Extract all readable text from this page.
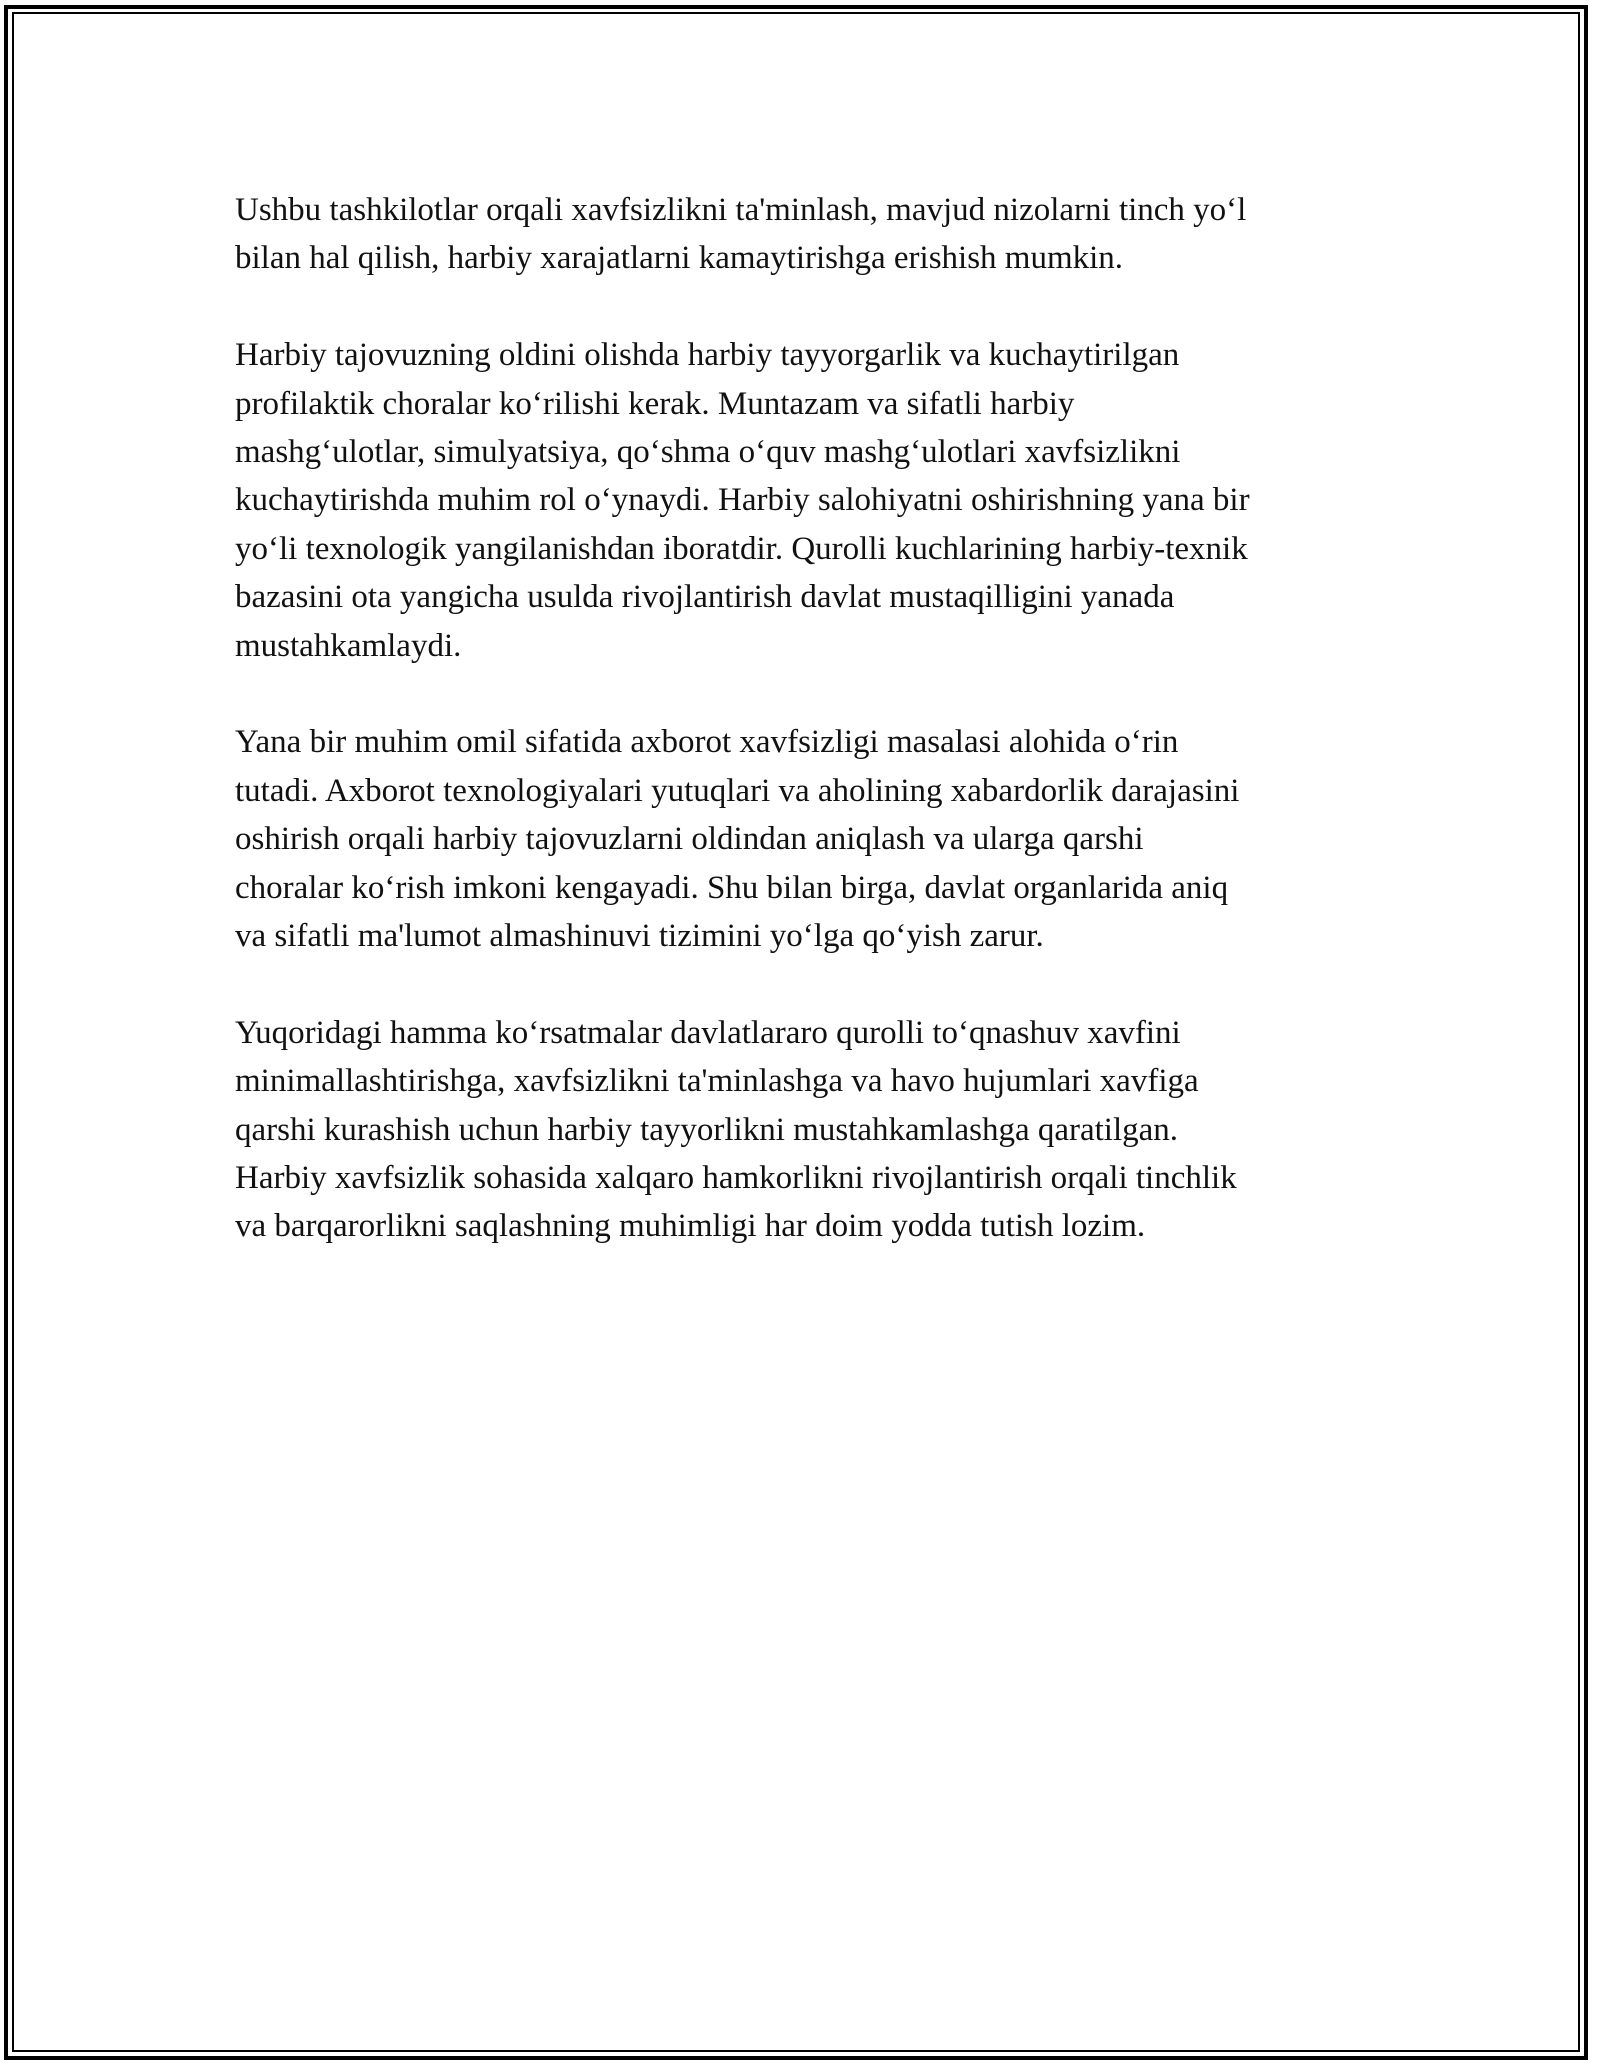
Ushbu tashkilotlar orqali xavfsizlikni ta'minlash, mavjud nizolarni tinch yo‘l
bilan hal qilish, harbiy xarajatlarni kamaytirishga erishish mumkin.

Harbiy tajovuzning oldini olishda harbiy tayyorgarlik va kuchaytirilgan
profilaktik choralar ko‘rilishi kerak. Muntazam va sifatli harbiy
mashg‘ulotlar, simulyatsiya, qo‘shma o‘quv mashg‘ulotlari xavfsizlikni
kuchaytirishda muhim rol o‘ynaydi. Harbiy salohiyatni oshirishning yana bir
yo‘li texnologik yangilanishdan iboratdir. Qurolli kuchlarining harbiy-texnik
bazasini ota yangicha usulda rivojlantirish davlat mustaqilligini yanada
mustahkamlaydi.

Yana bir muhim omil sifatida axborot xavfsizligi masalasi alohida o‘rin
tutadi. Axborot texnologiyalari yutuqlari va aholining xabardorlik darajasini
oshirish orqali harbiy tajovuzlarni oldindan aniqlash va ularga qarshi
choralar ko‘rish imkoni kengayadi. Shu bilan birga, davlat organlarida aniq
va sifatli ma'lumot almashinuvi tizimini yo‘lga qo‘yish zarur.

Yuqoridagi hamma ko‘rsatmalar davlatlararo qurolli to‘qnashuv xavfini
minimallashtirishga, xavfsizlikni ta'minlashga va havo hujumlari xavfiga
qarshi kurashish uchun harbiy tayyorlikni mustahkamlashga qaratilgan.
Harbiy xavfsizlik sohasida xalqaro hamkorlikni rivojlantirish orqali tinchlik
va barqarorlikni saqlashning muhimligi har doim yodda tutish lozim.
